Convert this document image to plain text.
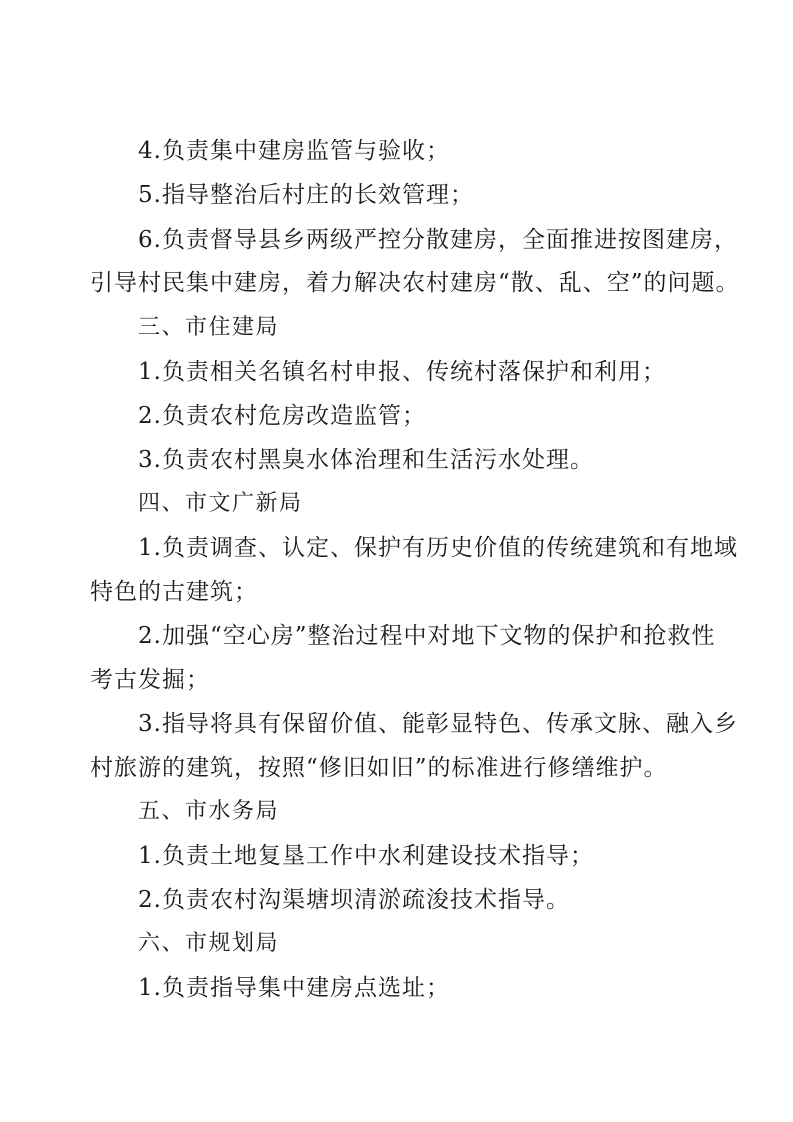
4.负责集中建房监管与验收；
5.指导整治后村庄的长效管理；
6.负责督导县乡两级严控分散建房，全面推进按图建房，
引导村民集中建房，着力解决农村建房“散、乱、空”的问题。
三、市住建局
1.负责相关名镇名村申报、传统村落保护和利用；
2.负责农村危房改造监管；
3.负责农村黑臭水体治理和生活污水处理。
四、市文广新局
1.负责调查、认定、保护有历史价值的传统建筑和有地域
特色的古建筑；
2.加强“空心房”整治过程中对地下文物的保护和抢救性
考古发掘；
3.指导将具有保留价值、能彰显特色、传承文脉、融入乡
村旅游的建筑，按照“修旧如旧”的标准进行修缮维护。
五、市水务局
1.负责土地复垦工作中水利建设技术指导；
2.负责农村沟渠塘坝清淤疏浚技术指导。
六、市规划局
1.负责指导集中建房点选址；
